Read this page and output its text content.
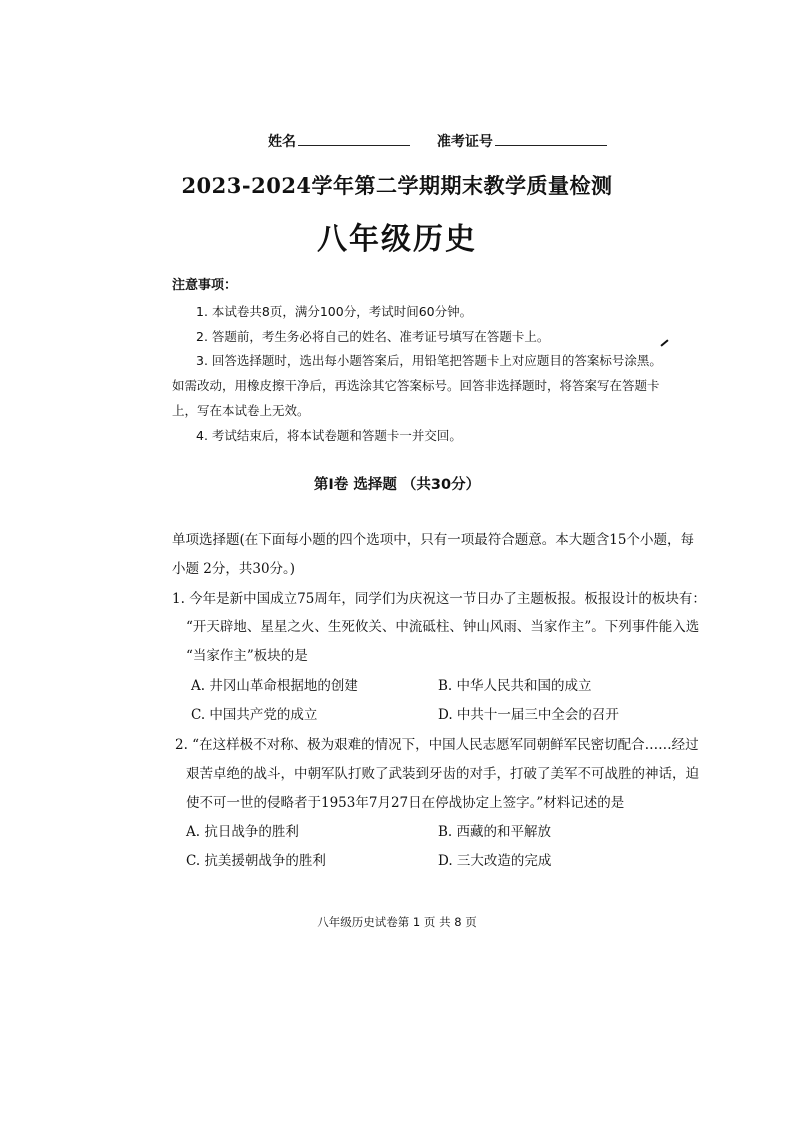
姓名	准考证号
2023-2024学年第二学期期末教学质量检测
八年级历史
注意事项：
1. 本试卷共8页，满分100分，考试时间60分钟。
2. 答题前，考生务必将自己的姓名、准考证号填写在答题卡上。
3. 回答选择题时，选出每小题答案后，用铅笔把答题卡上对应题目的答案标号涂黑。
如需改动，用橡皮擦干净后，再选涂其它答案标号。回答非选择题时，将答案写在答题卡
上，写在本试卷上无效。
4. 考试结束后，将本试卷题和答题卡一并交回。
第Ⅰ卷 选择题 （共30分）
单项选择题(在下面每小题的四个选项中，只有一项最符合题意。本大题含15个小题，每
小题 2分，共30分。)
1. 今年是新中国成立75周年，同学们为庆祝这一节日办了主题板报。板报设计的板块有：
“开天辟地、星星之火、生死攸关、中流砥柱、钟山风雨、当家作主”。下列事件能入选
“当家作主”板块的是
A. 井冈山革命根据地的创建	B. 中华人民共和国的成立
C. 中国共产党的成立	D. 中共十一届三中全会的召开
2. “在这样极不对称、极为艰难的情况下，中国人民志愿军同朝鲜军民密切配合……经过
艰苦卓绝的战斗，中朝军队打败了武装到牙齿的对手，打破了美军不可战胜的神话，迫
使不可一世的侵略者于1953年7月27日在停战协定上签字。”材料记述的是
A. 抗日战争的胜利	B. 西藏的和平解放
C. 抗美援朝战争的胜利	D. 三大改造的完成
八年级历史试卷第 1 页 共 8 页
